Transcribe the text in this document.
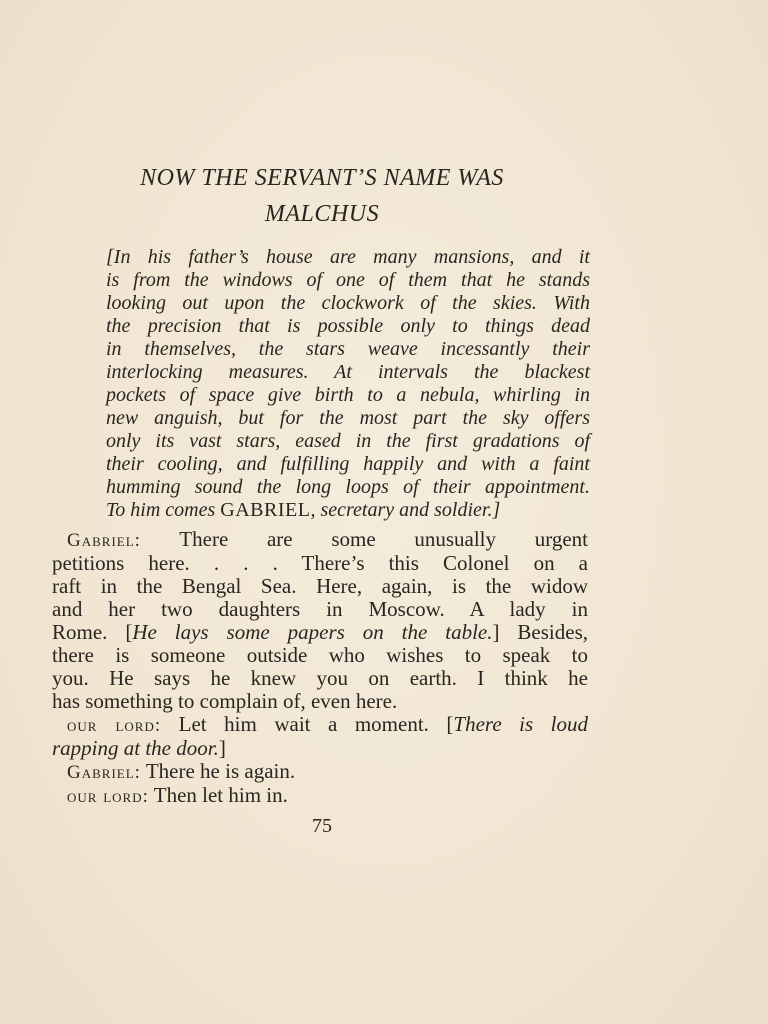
NOW THE SERVANT’S NAME WAS
MALCHUS
[In his father’s house are many mansions, and it
is from the windows of one of them that he stands
looking out upon the clockwork of the skies. With
the precision that is possible only to things dead
in themselves, the stars weave incessantly their
interlocking measures. At intervals the blackest
pockets of space give birth to a nebula, whirling in
new anguish, but for the most part the sky offers
only its vast stars, eased in the first gradations of
their cooling, and fulfilling happily and with a faint
humming sound the long loops of their appointment.
To him comes GABRIEL, secretary and soldier.]
Gabriel: There are some unusually urgent
petitions here. . . . There’s this Colonel on a
raft in the Bengal Sea. Here, again, is the widow
and her two daughters in Moscow. A lady in
Rome. [He lays some papers on the table.] Besides,
there is someone outside who wishes to speak to
you. He says he knew you on earth. I think he
has something to complain of, even here.
our lord: Let him wait a moment. [There is loud
rapping at the door.]
Gabriel: There he is again.
our lord: Then let him in.
75
